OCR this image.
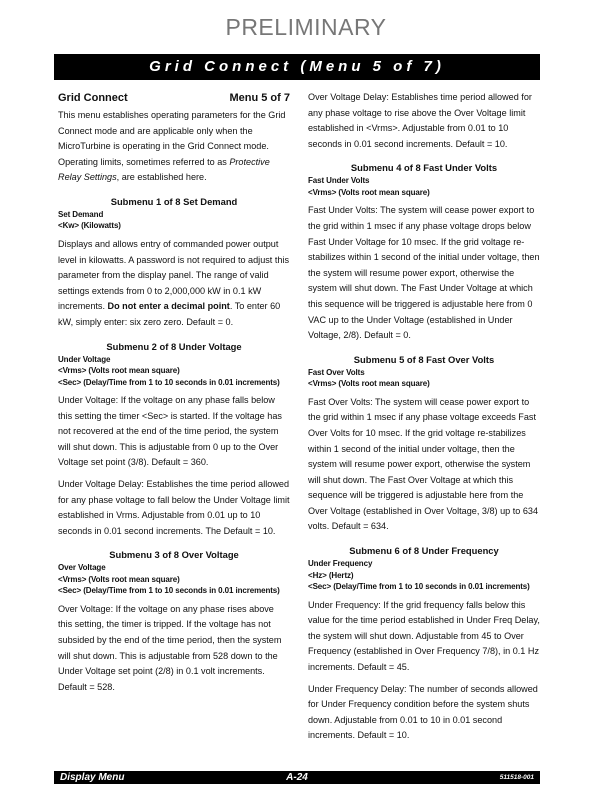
PRELIMINARY
Grid Connect (Menu 5 of 7)
Grid Connect	Menu 5 of 7

This menu establishes operating parameters for the Grid Connect mode and are applicable only when the MicroTurbine is operating in the Grid Connect mode. Operating limits, sometimes referred to as Protective Relay Settings, are established here.

Submenu 1 of 8 Set Demand
Set Demand
<Kw> (Kilowatts)

Displays and allows entry of commanded power output level in kilowatts. A password is not required to adjust this parameter from the display panel. The range of valid settings extends from 0 to 2,000,000 kW in 0.1 kW increments. Do not enter a decimal point. To enter 60 kW, simply enter: six zero zero. Default = 0.

Submenu 2 of 8 Under Voltage
Under Voltage
<Vrms> (Volts root mean square)
<Sec> (Delay/Time from 1 to 10 seconds in 0.01 increments)

Under Voltage: If the voltage on any phase falls below this setting the timer <Sec> is started. If the voltage has not recovered at the end of the time period, the system will shut down. This is adjustable from 0 up to the Over Voltage set point (3/8). Default = 360.

Under Voltage Delay: Establishes the time period allowed for any phase voltage to fall below the Under Voltage limit established in Vrms. Adjustable from 0.01 up to 10 seconds in 0.01 second increments. The Default = 10.

Submenu 3 of 8 Over Voltage
Over Voltage
<Vrms> (Volts root mean square)
<Sec> (Delay/Time from 1 to 10 seconds in 0.01 increments)

Over Voltage: If the voltage on any phase rises above this setting, the timer is tripped. If the voltage has not subsided by the end of the time period, then the system will shut down. This is adjustable from 528 down to the Under Voltage set point (2/8) in 0.1 volt increments. Default = 528.

Over Voltage Delay: Establishes time period allowed for any phase voltage to rise above the Over Voltage limit established in <Vrms>. Adjustable from 0.01 to 10 seconds in 0.01 second increments. Default = 10.

Submenu 4 of 8 Fast Under Volts
Fast Under Volts
<Vrms> (Volts root mean square)

Fast Under Volts: The system will cease power export to the grid within 1 msec if any phase voltage drops below Fast Under Voltage for 10 msec. If the grid voltage re-stabilizes within 1 second of the initial under voltage, then the system will resume power export, otherwise the system will shut down. The Fast Under Voltage at which this sequence will be triggered is adjustable here from 0 VAC up to the Under Voltage (established in Under Voltage, 2/8). Default = 0.

Submenu 5 of 8 Fast Over Volts
Fast Over Volts
<Vrms> (Volts root mean square)

Fast Over Volts: The system will cease power export to the grid within 1 msec if any phase voltage exceeds Fast Over Volts for 10 msec. If the grid voltage re-stabilizes within 1 second of the initial under voltage, then the system will resume power export, otherwise the system will shut down. The Fast Over Voltage at which this sequence will be triggered is adjustable here from the Over Voltage (established in Over Voltage, 3/8) up to 634 volts. Default = 634.

Submenu 6 of 8 Under Frequency
Under Frequency
<Hz> (Hertz)
<Sec> (Delay/Time from 1 to 10 seconds in 0.01 increments)

Under Frequency: If the grid frequency falls below this value for the time period established in Under Freq Delay, the system will shut down. Adjustable from 45 to Over Frequency (established in Over Frequency 7/8), in 0.1 Hz increments. Default = 45.

Under Frequency Delay: The number of seconds allowed for Under Frequency condition before the system shuts down. Adjustable from 0.01 to 10 in 0.01 second increments. Default = 10.

Display Menu	A-24	511518-001
